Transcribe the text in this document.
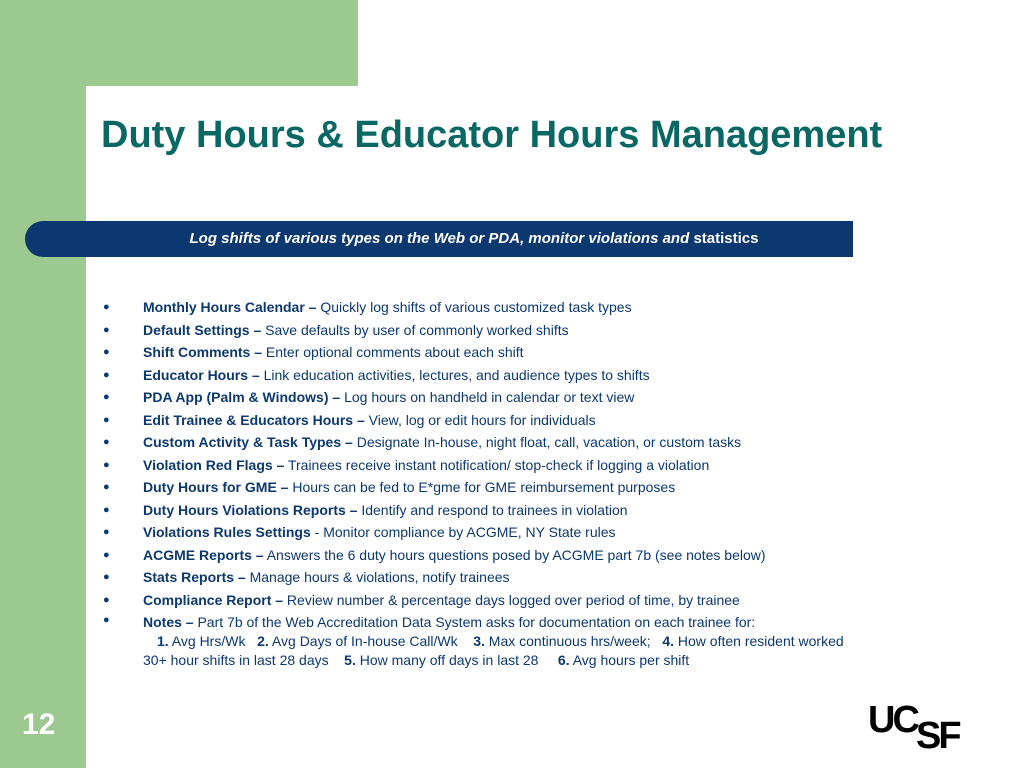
Duty Hours & Educator Hours Management
Log shifts of various types on the Web or PDA, monitor violations and statistics
● Monthly Hours Calendar – Quickly log shifts of various customized task types
● Default Settings – Save defaults by user of commonly worked shifts
● Shift Comments – Enter optional comments about each shift
● Educator Hours – Link education activities, lectures, and audience types to shifts
● PDA App (Palm & Windows) – Log hours on handheld in calendar or text view
● Edit Trainee & Educators Hours – View, log or edit hours for individuals
● Custom Activity & Task Types – Designate In-house, night float, call, vacation, or custom tasks
● Violation Red Flags – Trainees receive instant notification/ stop-check if logging a violation
● Duty Hours for GME – Hours can be fed to E*gme for GME reimbursement purposes
● Duty Hours Violations Reports – Identify and respond to trainees in violation
● Violations Rules Settings - Monitor compliance by ACGME, NY State rules
● ACGME Reports – Answers the 6 duty hours questions posed by ACGME part 7b (see notes below)
● Stats Reports – Manage hours & violations, notify trainees
● Compliance Report – Review number & percentage days logged over period of time, by trainee
● Notes – Part 7b of the Web Accreditation Data System asks for documentation on each trainee for:
1. Avg Hrs/Wk 2. Avg Days of In-house Call/Wk 3. Max continuous hrs/week; 4. How often resident worked
30+ hour shifts in last 28 days 5. How many off days in last 28 6. Avg hours per shift
12	UC SF
